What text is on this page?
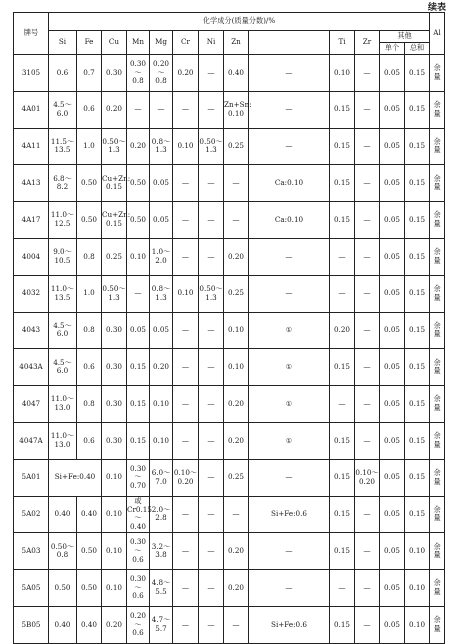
续表
牌号	化学成分(质量分数)/%													Al
	Si	Fe	Cu	Mn	Mg	Cr	Ni	Zn		Ti	Zr	其他		
												单个	总和	
3105	0.6	0.7	0.30	0.30～
0.8	0.20～
0.8	0.20	—	0.40	—	0.10	—	0.05	0.15	余量

4A01	4.5～
6.0	0.6	0.20	—	—	—	—	Zn+Sn:
0.10	—	0.15	—	0.05	0.15	余量

4A11	11.5～
13.5	1.0	0.50～
1.3	0.20	0.8～
1.3	0.10	0.50～
1.3	0.25	—	0.15	—	0.05	0.15	余量

4A13	6.8～
8.2	0.50	Cu+Zn:
0.15	0.50	0.05	—	—	—	Ca:0.10	0.15	—	0.05	0.15	余量

4A17	11.0～
12.5	0.50	Cu+Zn:
0.15	0.50	0.05	—	—	—	Ca:0.10	0.15	—	0.05	0.15	余量

4004	9.0～
10.5	0.8	0.25	0.10	1.0～
2.0	—	—	0.20	—	—	—	0.05	0.15	余量

4032	11.0～
13.5	1.0	0.50～
1.3	—	0.8～
1.3	0.10	0.50～
1.3	0.25	—	—	—	0.05	0.15	余量

4043	4.5～
6.0	0.8	0.30	0.05	0.05	—	—	0.10	①	0.20	—	0.05	0.15	余量

4043A	4.5～
6.0	0.6	0.30	0.15	0.20	—	—	0.10	①	0.15	—	0.05	0.15	余量

4047	11.0～
13.0	0.8	0.30	0.15	0.10	—	—	0.20	①	—	—	0.05	0.15	余量

4047A	11.0～
13.0	0.6	0.30	0.15	0.10	—	—	0.20	①	0.15	—	0.05	0.15	余量

5A01	Si+Fe:0.40		0.10	0.30～
0.70	6.0～
7.0	0.10～
0.20	—	0.25	—	0.15	0.10～
0.20	0.05	0.15	余量

5A02	0.40	0.40	0.10	或
Cr0.15
～0.40	2.0～
2.8	—	—	—	Si+Fe:0.6	0.15	—	0.05	0.15	余量

5A03	0.50～
0.8	0.50	0.10	0.30～
0.6	3.2～
3.8	—	—	0.20	—	0.15	—	0.05	0.10	余量

5A05	0.50	0.50	0.10	0.30～
0.6	4.8～
5.5	—	—	0.20	—	—	—	0.05	0.10	余量

5B05	0.40	0.40	0.20	0.20～
0.6	4.7～
5.7	—	—	—	Si+Fe:0.6	0.15	—	0.05	0.10	余量
